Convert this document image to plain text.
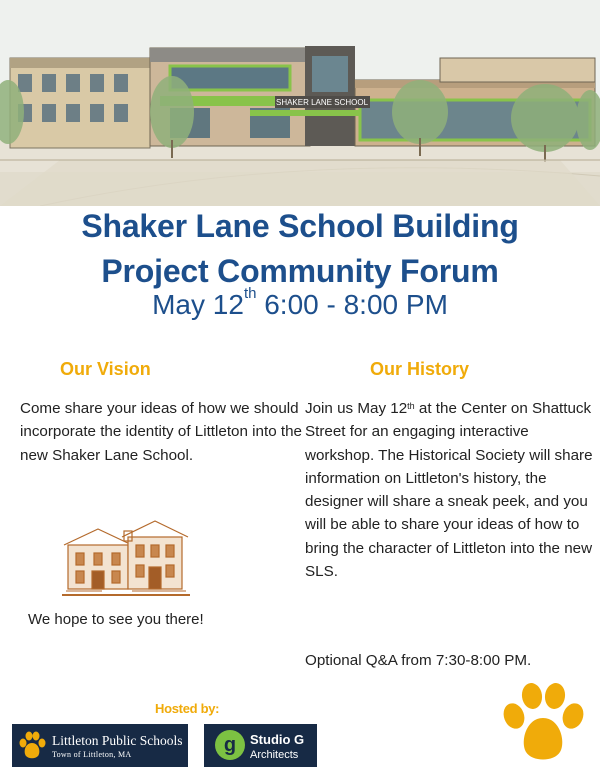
SHAKER LANE SCHOOL
Shaker Lane School Building
Project Community Forum
May 12th 6:00 - 8:00 PM
Our Vision	Our History
Come share your ideas of how we should incorporate the identity of Littleton into the new Shaker Lane School.
Join us May 12th at the Center on Shattuck Street for an engaging interactive workshop. The Historical Society will share information on Littleton's history, the designer will share a sneak peek, and you will be able to share your ideas of how to bring the character of Littleton into the new SLS.
We hope to see you there!
Optional Q&A from 7:30-8:00 PM.
Hosted by:
Littleton Public Schools
Town of Littleton, MA	g Studio G
Architects
